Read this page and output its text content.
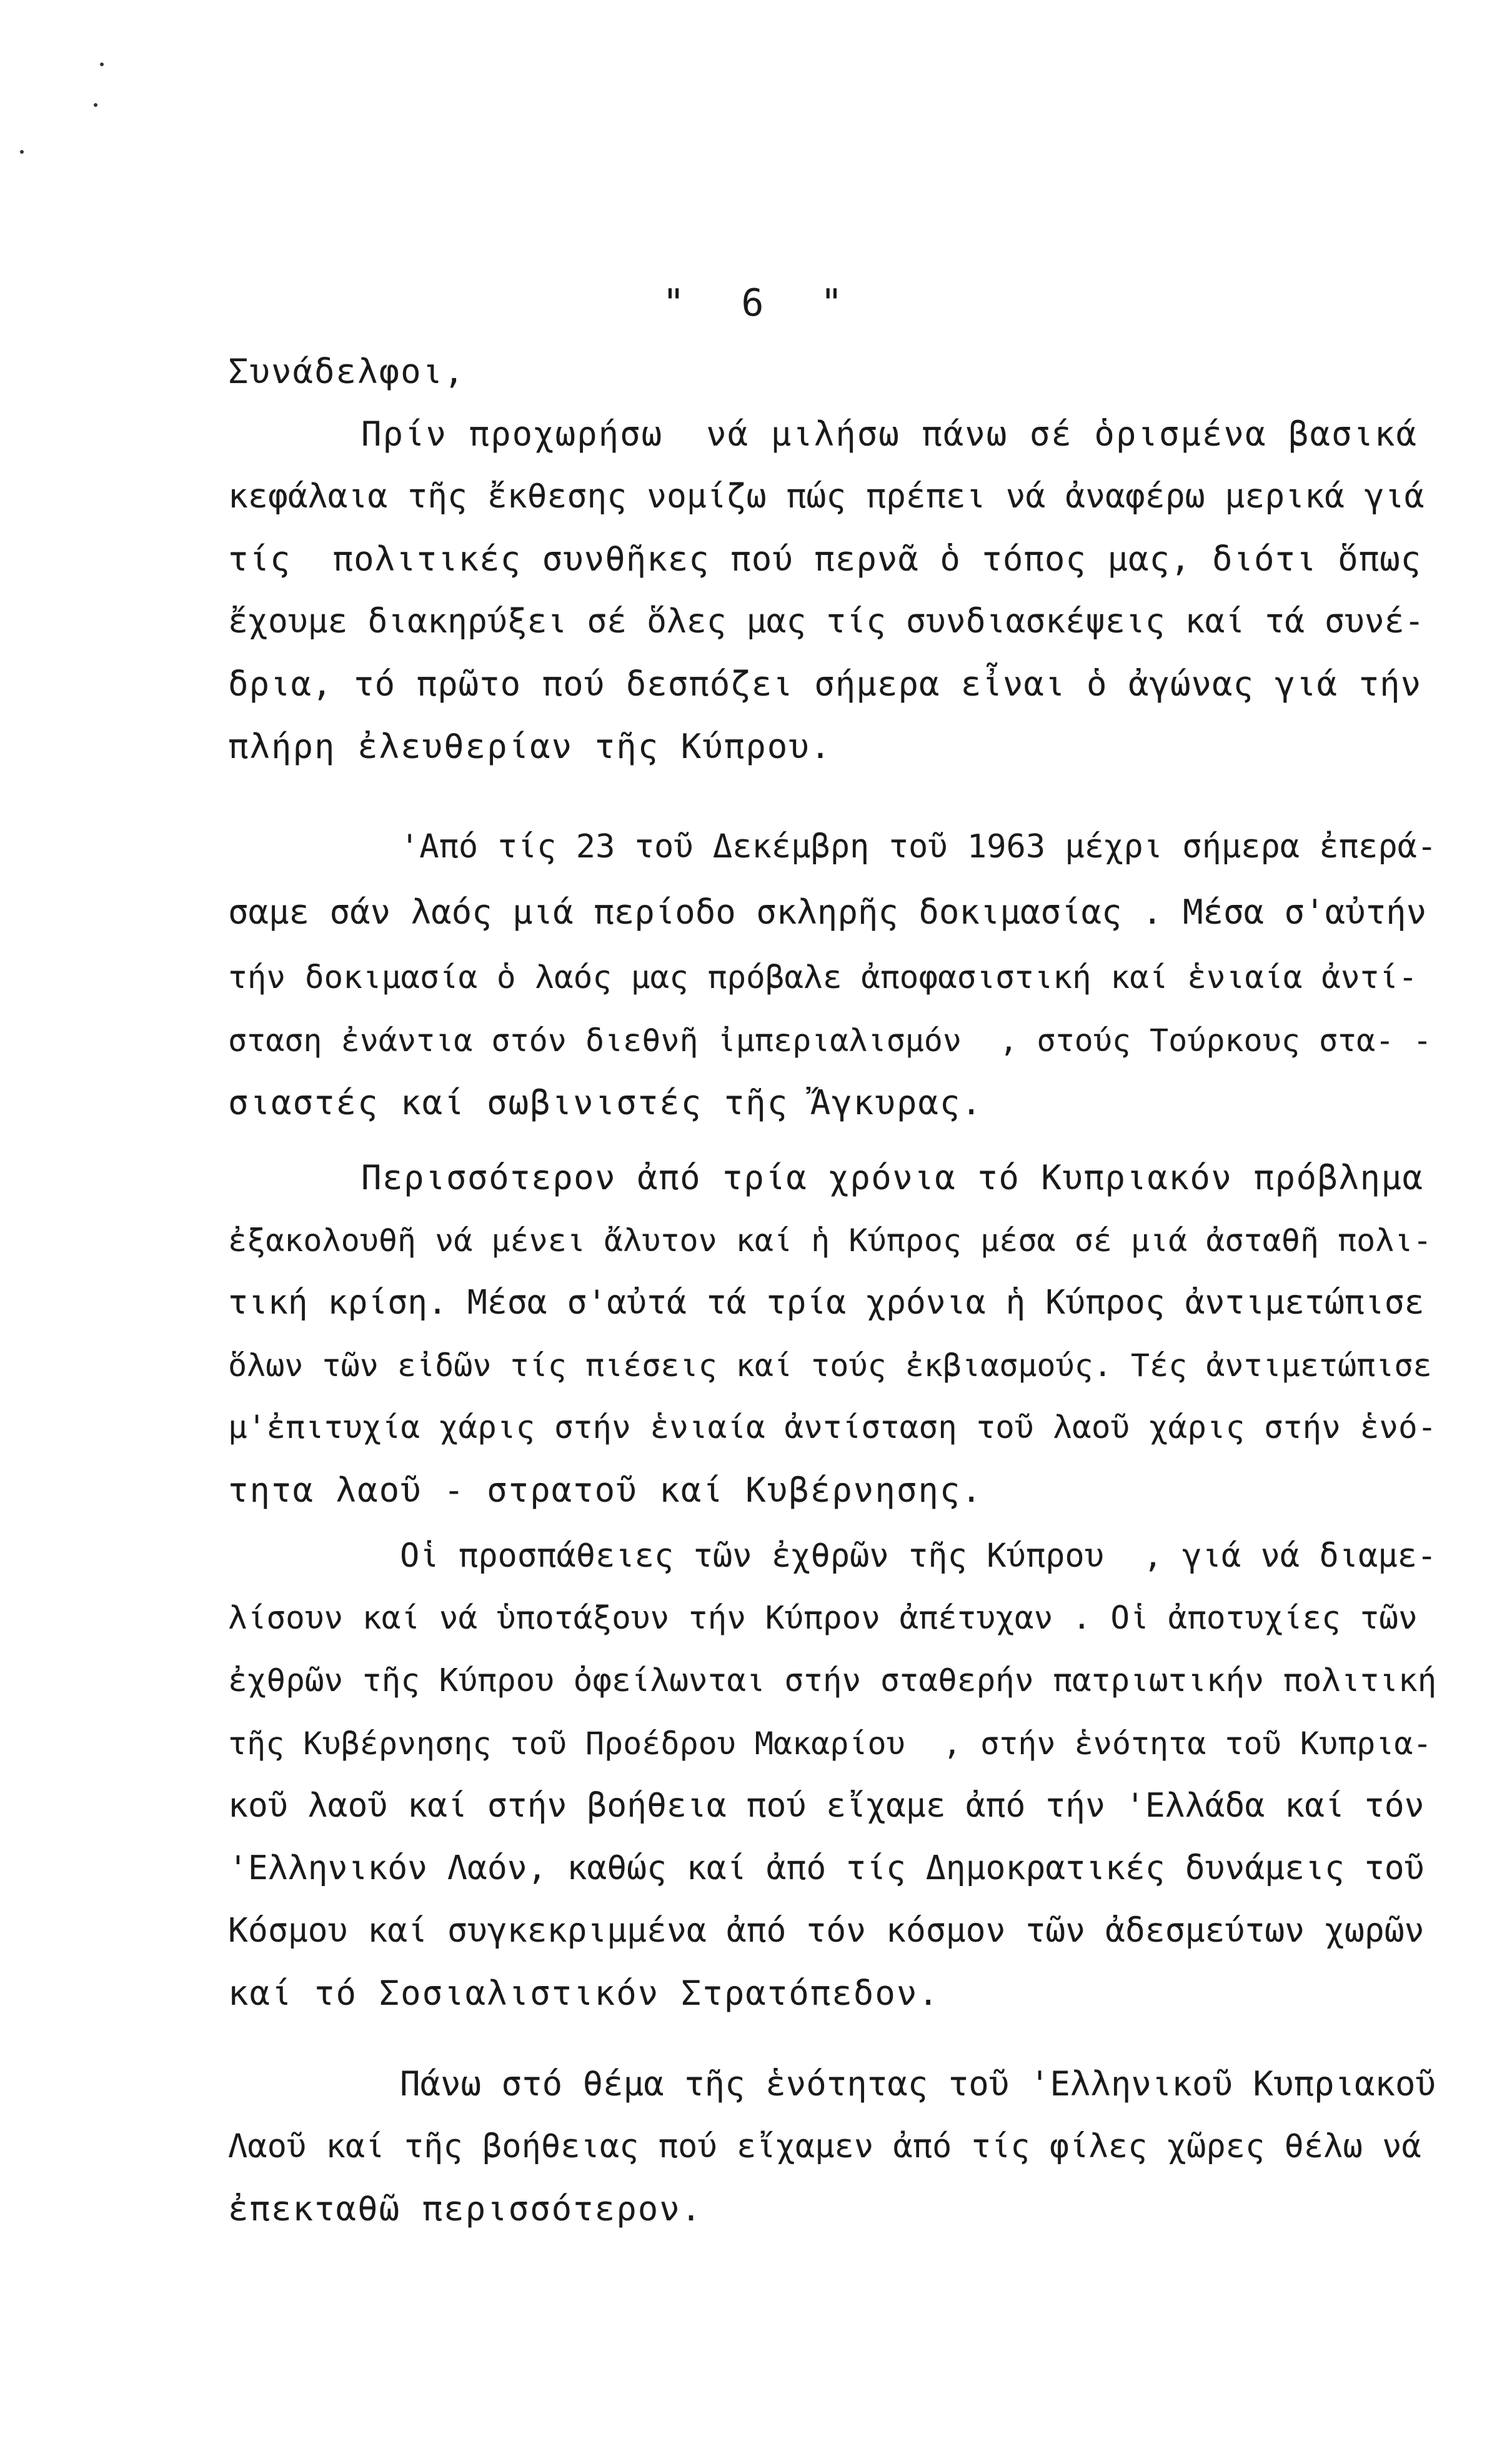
"  6  "
Συνάδελφοι,
Πρίν προχωρήσω  νά μιλήσω πάνω σέ ὁρισμένα βασικά
κεφάλαια τῆς ἔκθεσης νομίζω πώς πρέπει νά ἀναφέρω μερικά γιά
τίς  πολιτικές συνθῆκες πού περνᾶ ὁ τόπος μας, διότι ὅπως
ἔχουμε διακηρύξει σέ ὅλες μας τίς συνδιασκέψεις καί τά συνέ-
δρια, τό πρῶτο πού δεσπόζει σήμερα εἶναι ὁ ἀγώνας γιά τήν
πλήρη ἐλευθερίαν τῆς Κύπρου.
'Από τίς 23 τοῦ Δεκέμβρη τοῦ 1963 μέχρι σήμερα ἐπερά-
σαμε σάν λαός μιά περίοδο σκληρῆς δοκιμασίας . Μέσα σ'αὐτήν
τήν δοκιμασία ὁ λαός μας πρόβαλε ἀποφασιστική καί ἑνιαία ἀντί-
σταση ἐνάντια στόν διεθνῆ ἰμπεριαλισμόν  , στούς Τούρκους στα- -
σιαστές καί σωβινιστές τῆς Ἄγκυρας.
Περισσότερον ἀπό τρία χρόνια τό Κυπριακόν πρόβλημα
ἐξακολουθῆ νά μένει ἄλυτον καί ἡ Κύπρος μέσα σέ μιά ἀσταθῆ πολι-
τική κρίση. Μέσα σ'αὐτά τά τρία χρόνια ἡ Κύπρος ἀντιμετώπισε
ὅλων τῶν εἰδῶν τίς πιέσεις καί τούς ἐκβιασμούς. Τές ἀντιμετώπισε
μ'ἐπιτυχία χάρις στήν ἑνιαία ἀντίσταση τοῦ λαοῦ χάρις στήν ἑνό-
τητα λαοῦ - στρατοῦ καί Κυβέρνησης.
Οἱ προσπάθειες τῶν ἐχθρῶν τῆς Κύπρου  , γιά νά διαμε-
λίσουν καί νά ὑποτάξουν τήν Κύπρον ἀπέτυχαν . Οἱ ἀποτυχίες τῶν
ἐχθρῶν τῆς Κύπρου ὀφείλωνται στήν σταθερήν πατριωτικήν πολιτική
τῆς Κυβέρνησης τοῦ Προέδρου Μακαρίου  , στήν ἑνότητα τοῦ Κυπρια-
κοῦ λαοῦ καί στήν βοήθεια πού εἴχαμε ἀπό τήν 'Ελλάδα καί τόν
'Ελληνικόν Λαόν, καθώς καί ἀπό τίς Δημοκρατικές δυνάμεις τοῦ
Κόσμου καί συγκεκριμμένα ἀπό τόν κόσμον τῶν ἀδεσμεύτων χωρῶν
καί τό Σοσιαλιστικόν Στρατόπεδον.
Πάνω στό θέμα τῆς ἑνότητας τοῦ 'Ελληνικοῦ Κυπριακοῦ
Λαοῦ καί τῆς βοήθειας πού εἴχαμεν ἀπό τίς φίλες χῶρες θέλω νά
ἐπεκταθῶ περισσότερον.
